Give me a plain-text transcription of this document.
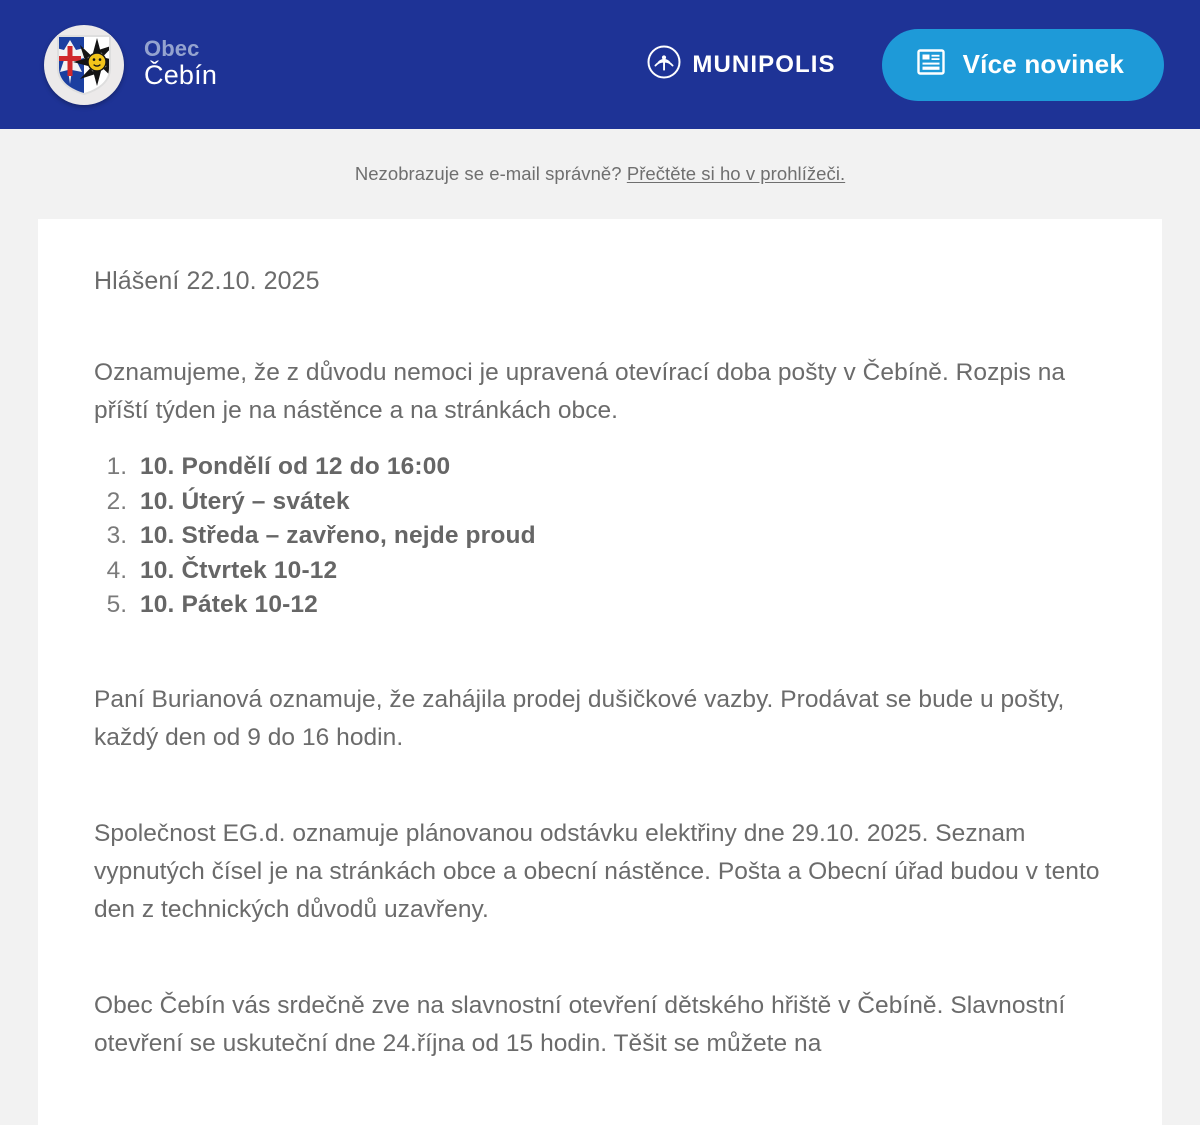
Obec
Čebín	MUNIPOLIS	Více novinek
Nezobrazuje se e-mail správně? Přečtěte si ho v prohlížeči.
Hlášení 22.10. 2025

Oznamujeme, že z důvodu nemoci je upravená otevírací doba pošty v Čebíně. Rozpis na příští týden je na nástěnce a na stránkách obce.

1. 10. Pondělí od 12 do 16:00
2. 10. Úterý – svátek
3. 10. Středa – zavřeno, nejde proud
4. 10. Čtvrtek 10-12
5. 10. Pátek 10-12

Paní Burianová oznamuje, že zahájila prodej dušičkové vazby. Prodávat se bude u pošty, každý den od 9 do 16 hodin.

Společnost EG.d. oznamuje plánovanou odstávku elektřiny dne 29.10. 2025. Seznam vypnutých čísel je na stránkách obce a obecní nástěnce. Pošta a Obecní úřad budou v tento den z technických důvodů uzavřeny.

Obec Čebín vás srdečně zve na slavnostní otevření dětského hřiště v Čebíně. Slavnostní otevření se uskuteční dne 24.října od 15 hodin. Těšit se můžete na
